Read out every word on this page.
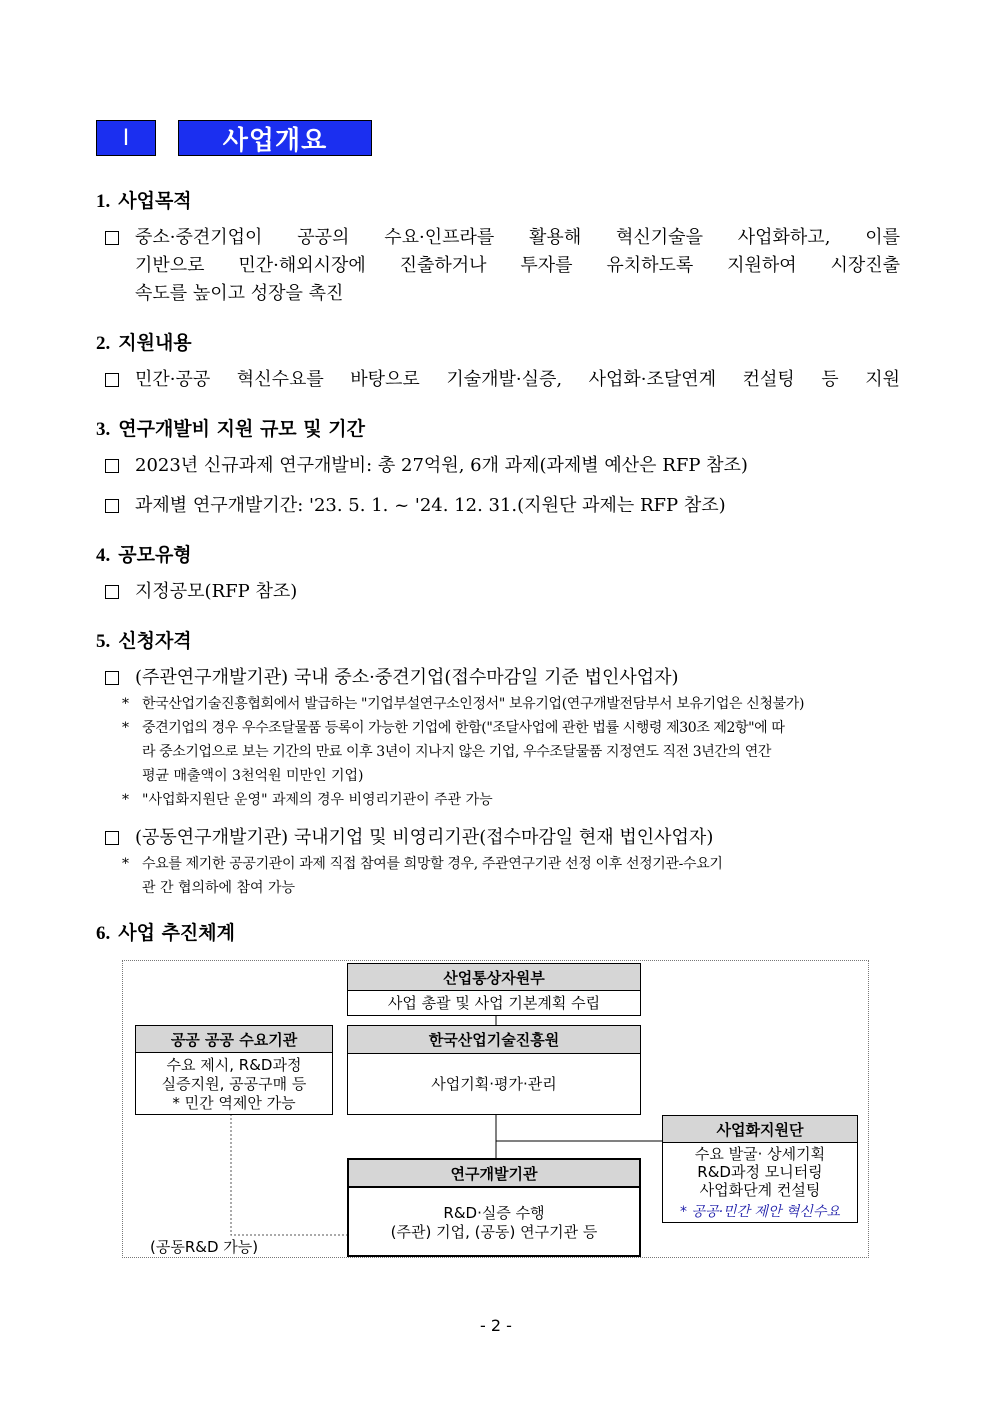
Ⅰ	사업개요
1. 사업목적
중소·중견기업이 공공의 수요·인프라를 활용해 혁신기술을 사업화하고, 이를
기반으로 민간·해외시장에 진출하거나 투자를 유치하도록 지원하여 시장진출
속도를 높이고 성장을 촉진
2. 지원내용
민간·공공 혁신수요를 바탕으로 기술개발·실증, 사업화·조달연계 컨설팅 등 지원
3. 연구개발비 지원 규모 및 기간
2023년 신규과제 연구개발비: 총 27억원, 6개 과제(과제별 예산은 RFP 참조)
과제별 연구개발기간: '23. 5. 1. ~ '24. 12. 31.(지원단 과제는 RFP 참조)
4. 공모유형
지정공모(RFP 참조)
5. 신청자격
(주관연구개발기관) 국내 중소·중견기업(접수마감일 기준 법인사업자)
* 한국산업기술진흥협회에서 발급하는 "기업부설연구소인정서" 보유기업(연구개발전담부서 보유기업은 신청불가)
* 중견기업의 경우 우수조달물품 등록이 가능한 기업에 한함("조달사업에 관한 법률 시행령 제30조 제2항"에 따
라 중소기업으로 보는 기간의 만료 이후 3년이 지나지 않은 기업, 우수조달물품 지정연도 직전 3년간의 연간
평균 매출액이 3천억원 미만인 기업)
* "사업화지원단 운영" 과제의 경우 비영리기관이 주관 가능
(공동연구개발기관) 국내기업 및 비영리기관(접수마감일 현재 법인사업자)
* 수요를 제기한 공공기관이 과제 직접 참여를 희망할 경우, 주관연구기관 선정 이후 선정기관-수요기
관 간 협의하에 참여 가능
6. 사업 추진체계
산업통상자원부
사업 총괄 및 사업 기본계획 수립
한국산업기술진흥원
사업기획·평가·관리
공공 공공 수요기관
수요 제시, R&D과정
실증지원, 공공구매 등
* 민간 역제안 가능
사업화지원단
수요 발굴· 상세기획
R&D과정 모니터링
사업화단계 컨설팅
* 공공·민간 제안 혁신수요
연구개발기관
R&D·실증 수행
(주관) 기업, (공동) 연구기관 등
(공동R&D 가능)
- 2 -
